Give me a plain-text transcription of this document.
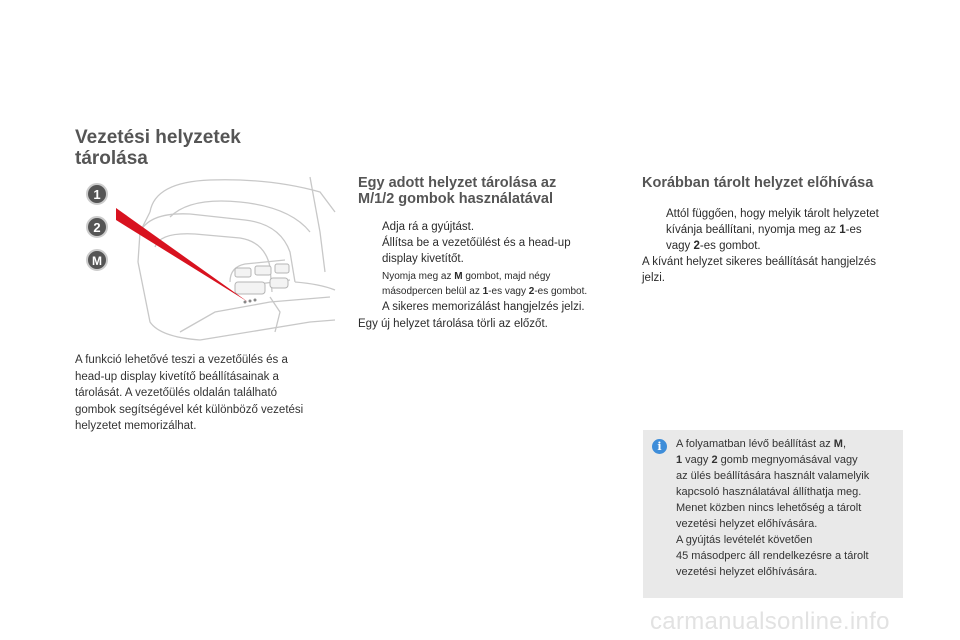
Vezetési helyzetek
tárolása
1
2
M
A funkció lehetővé teszi a vezetőülés és a
head-up display kivetítő beállításainak a
tárolását. A vezetőülés oldalán található
gombok segítségével két különböző vezetési
helyzetet memorizálhat.
Egy adott helyzet tárolása az
M/1/2 gombok használatával
Adja rá a gyújtást.
Állítsa be a vezetőülést és a head-up
display kivetítőt.
Nyomja meg az M gombot, majd négy
másodpercen belül az 1-es vagy 2-es gombot.
A sikeres memorizálást hangjelzés jelzi.
Egy új helyzet tárolása törli az előzőt.
Korábban tárolt helyzet előhívása
Attól függően, hogy melyik tárolt helyzetet
kívánja beállítani, nyomja meg az 1-es
vagy 2-es gombot.
A kívánt helyzet sikeres beállítását hangjelzés
jelzi.
i	A folyamatban lévő beállítást az M,
1 vagy 2 gomb megnyomásával vagy
az ülés beállítására használt valamelyik
kapcsoló használatával állíthatja meg.
Menet közben nincs lehetőség a tárolt
vezetési helyzet előhívására.
A gyújtás levételét követően
45 másodperc áll rendelkezésre a tárolt
vezetési helyzet előhívására.
carmanualsonline.info
